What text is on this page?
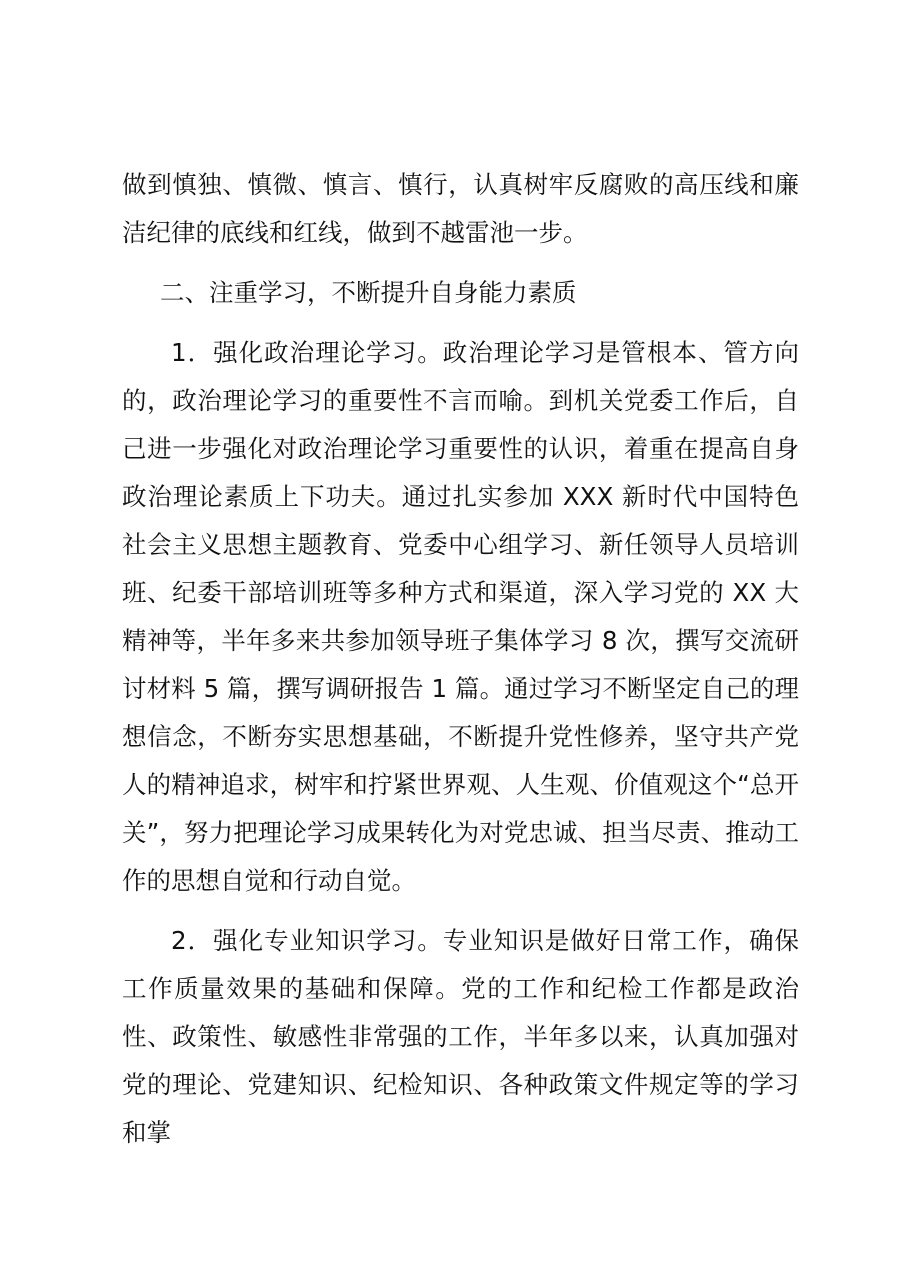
做到慎独、慎微、慎言、慎行，认真树牢反腐败的高压线和廉洁纪律的底线和红线，做到不越雷池一步。

二、注重学习，不断提升自身能力素质

1．强化政治理论学习。政治理论学习是管根本、管方向的，政治理论学习的重要性不言而喻。到机关党委工作后，自己进一步强化对政治理论学习重要性的认识，着重在提高自身政治理论素质上下功夫。通过扎实参加 XXX 新时代中国特色社会主义思想主题教育、党委中心组学习、新任领导人员培训班、纪委干部培训班等多种方式和渠道，深入学习党的 XX 大精神等，半年多来共参加领导班子集体学习 8 次，撰写交流研讨材料 5 篇，撰写调研报告 1 篇。通过学习不断坚定自己的理想信念，不断夯实思想基础，不断提升党性修养，坚守共产党人的精神追求，树牢和拧紧世界观、人生观、价值观这个“总开关”，努力把理论学习成果转化为对党忠诚、担当尽责、推动工作的思想自觉和行动自觉。

2．强化专业知识学习。专业知识是做好日常工作，确保工作质量效果的基础和保障。党的工作和纪检工作都是政治性、政策性、敏感性非常强的工作，半年多以来，认真加强对党的理论、党建知识、纪检知识、各种政策文件规定等的学习和掌
